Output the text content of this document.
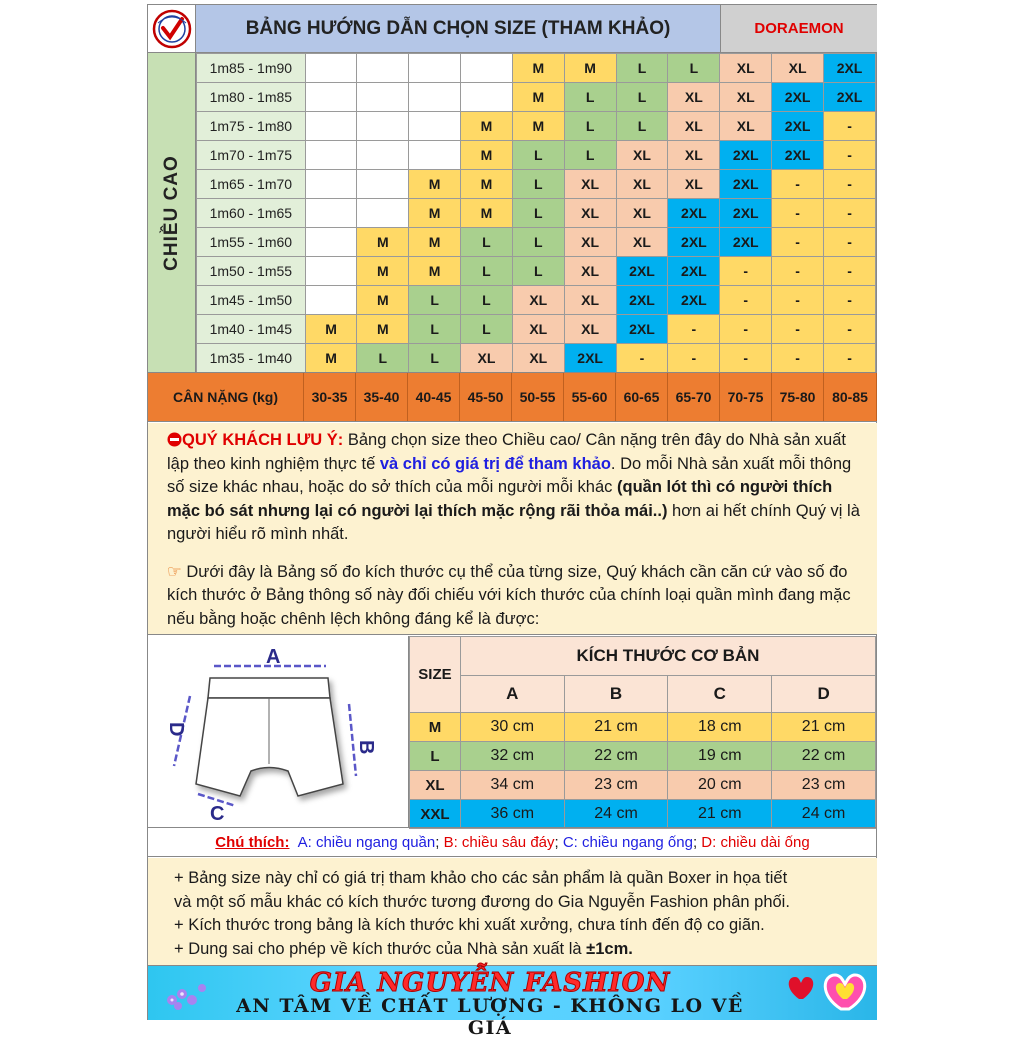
BẢNG HƯỚNG DẪN CHỌN SIZE (THAM KHẢO)	DORAEMON
CHIỀU CAO
1m85 - 1m90					M	M	L	L	XL	XL	2XL
1m80 - 1m85					M	L	L	XL	XL	2XL	2XL
1m75 - 1m80				M	M	L	L	XL	XL	2XL	-
1m70 - 1m75				M	L	L	XL	XL	2XL	2XL	-
1m65 - 1m70			M	M	L	XL	XL	XL	2XL	-	-
1m60 - 1m65			M	M	L	XL	XL	2XL	2XL	-	-
1m55 - 1m60		M	M	L	L	XL	XL	2XL	2XL	-	-
1m50 - 1m55		M	M	L	L	XL	2XL	2XL	-	-	-
1m45 - 1m50		M	L	L	XL	XL	2XL	2XL	-	-	-
1m40 - 1m45	M	M	L	L	XL	XL	2XL	-	-	-	-
1m35 - 1m40	M	L	L	XL	XL	2XL	-	-	-	-	-
CÂN NẶNG (kg)	30-35	35-40	40-45	45-50	50-55	55-60	60-65	65-70	70-75	75-80	80-85

QUÝ KHÁCH LƯU Ý: Bảng chọn size theo Chiều cao/ Cân nặng trên đây do Nhà sản xuất lập theo kinh nghiệm thực tế và chỉ có giá trị để tham khảo. Do mỗi Nhà sản xuất mỗi thông số size khác nhau, hoặc do sở thích của mỗi người mỗi khác (quần lót thì có người thích mặc bó sát nhưng lại có người lại thích mặc rộng rãi thỏa mái..) hơn ai hết chính Quý vị là người hiểu rõ mình nhất.

☞ Dưới đây là Bảng số đo kích thước cụ thể của từng size, Quý khách cần căn cứ vào số đo kích thước ở Bảng thông số này đối chiếu với kích thước của chính loại quần mình đang mặc nếu bằng hoặc chênh lệch không đáng kể là được:

A
B
C
D
SIZE	KÍCH THƯỚC CƠ BẢN			
	A	B	C	D
M	30 cm	21 cm	18 cm	21 cm
L	32 cm	22 cm	19 cm	22 cm
XL	34 cm	23 cm	20 cm	23 cm
XXL	36 cm	24 cm	21 cm	24 cm
Chú thích:
A: chiều ngang quần ; B: chiều sâu đáy ; C: chiều ngang ống ; D: chiều dài ống

+ Bảng size này chỉ có giá trị tham khảo cho các sản phẩm là quần Boxer in họa tiết

và một số mẫu khác có kích thước tương đương do Gia Nguyễn Fashion phân phối.

+ Kích thước trong bảng là kích thước khi xuất xưởng, chưa tính đến độ co giãn.

+ Dung sai cho phép về kích thước của Nhà sản xuất là ±1cm.

GIA NGUYỄN FASHION
AN TÂM VỀ CHẤT LƯỢNG - KHÔNG LO VỀ GIÁ
